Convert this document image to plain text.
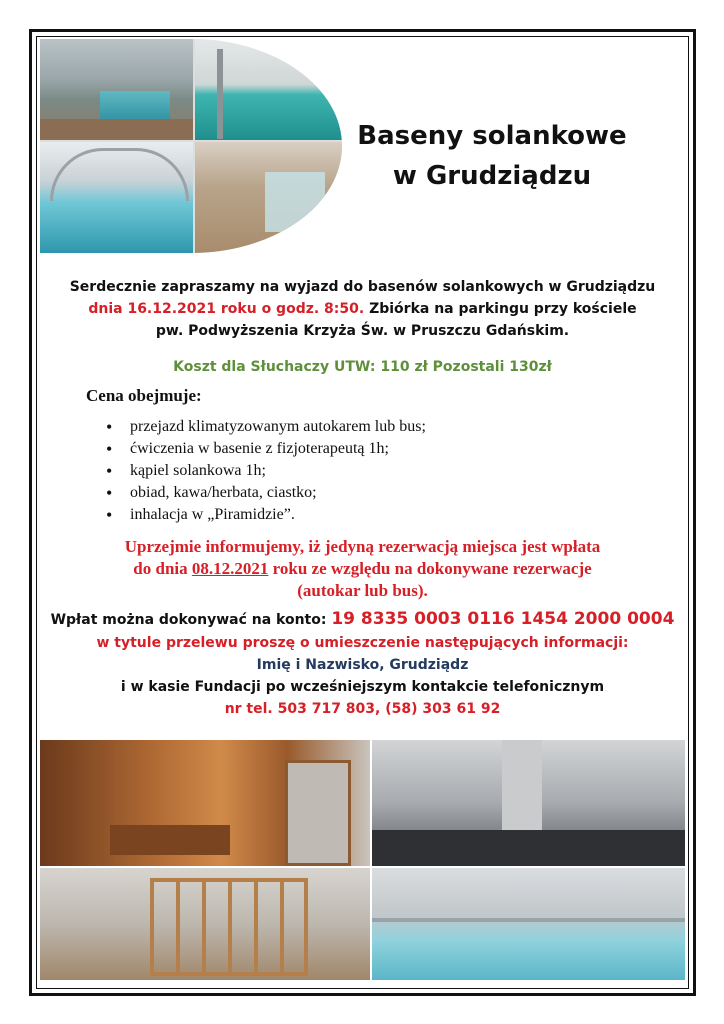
Baseny solankowe
w Grudziądzu
Serdecznie zapraszamy na wyjazd do basenów solankowych w Grudziądzu
dnia 16.12.2021 roku o godz. 8:50. Zbiórka na parkingu przy kościele
pw. Podwyższenia Krzyża Św. w Pruszczu Gdańskim.
Koszt dla Słuchaczy UTW: 110 zł Pozostali 130zł
Cena obejmuje:
• przejazd klimatyzowanym autokarem lub bus;
• ćwiczenia w basenie z fizjoterapeutą 1h;
• kąpiel solankowa 1h;
• obiad, kawa/herbata, ciastko;
• inhalacja w „Piramidzie”.
Uprzejmie informujemy, iż jedyną rezerwacją miejsca jest wpłata
do dnia 08.12.2021 roku ze względu na dokonywane rezerwacje
(autokar lub bus).
Wpłat można dokonywać na konto: 19 8335 0003 0116 1454 2000 0004
w tytule przelewu proszę o umieszczenie następujących informacji:
Imię i Nazwisko, Grudziądz
i w kasie Fundacji po wcześniejszym kontakcie telefonicznym
nr tel. 503 717 803, (58) 303 61 92
